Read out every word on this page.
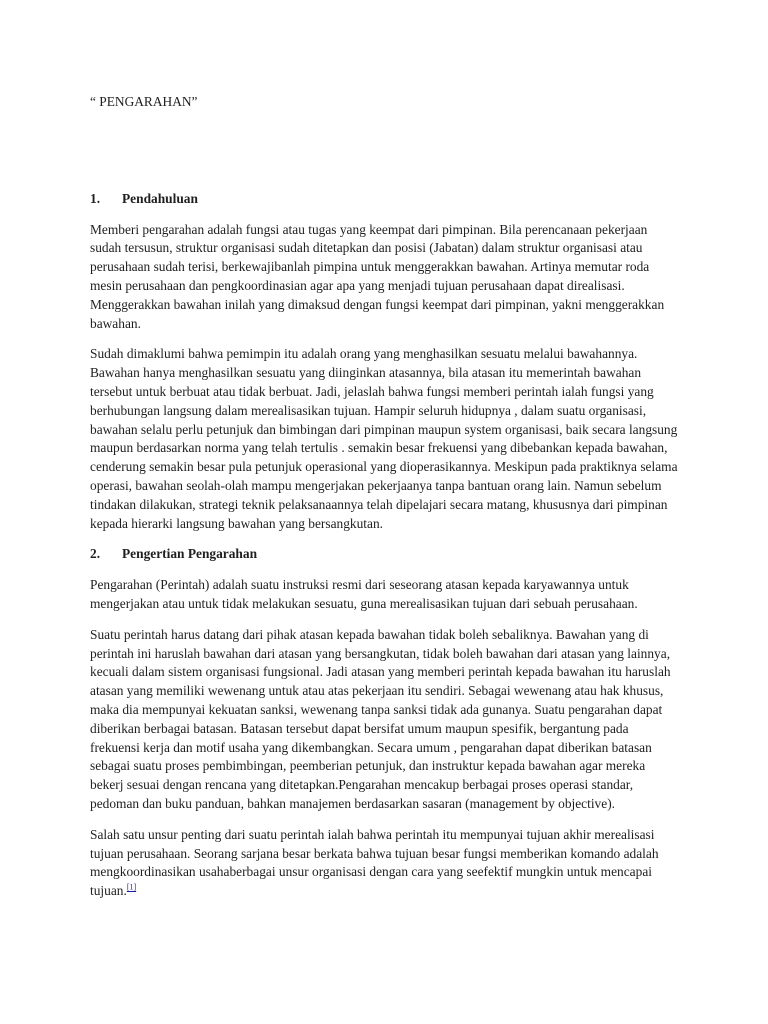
“ PENGARAHAN”

1.	Pendahuluan

Memberi pengarahan adalah fungsi atau tugas yang keempat dari pimpinan. Bila perencanaan pekerjaan sudah tersusun, struktur organisasi sudah ditetapkan dan posisi (Jabatan) dalam struktur organisasi atau perusahaan sudah terisi, berkewajibanlah pimpina untuk menggerakkan bawahan. Artinya memutar roda mesin perusahaan dan pengkoordinasian agar apa yang menjadi tujuan perusahaan dapat direalisasi. Menggerakkan bawahan inilah yang dimaksud dengan fungsi keempat dari pimpinan, yakni menggerakkan bawahan.

Sudah dimaklumi bahwa pemimpin itu adalah orang yang menghasilkan sesuatu melalui bawahannya. Bawahan hanya menghasilkan sesuatu yang diinginkan atasannya, bila atasan itu memerintah bawahan tersebut untuk berbuat atau tidak berbuat. Jadi, jelaslah bahwa fungsi memberi perintah ialah fungsi yang berhubungan langsung dalam merealisasikan tujuan. Hampir seluruh hidupnya , dalam suatu organisasi, bawahan selalu perlu petunjuk dan bimbingan dari pimpinan maupun system organisasi, baik secara langsung maupun berdasarkan norma yang telah tertulis . semakin besar frekuensi yang dibebankan kepada bawahan, cenderung semakin besar pula petunjuk operasional yang dioperasikannya. Meskipun pada praktiknya selama operasi, bawahan seolah-olah mampu mengerjakan pekerjaanya tanpa bantuan orang lain. Namun sebelum tindakan dilakukan, strategi teknik pelaksanaannya telah dipelajari secara matang, khususnya dari pimpinan kepada hierarki langsung bawahan yang bersangkutan.

2.	Pengertian Pengarahan

Pengarahan (Perintah) adalah suatu instruksi resmi dari seseorang atasan kepada karyawannya untuk mengerjakan atau untuk tidak melakukan sesuatu, guna merealisasikan tujuan dari sebuah perusahaan.

Suatu perintah harus datang dari pihak atasan kepada bawahan tidak boleh sebaliknya. Bawahan yang di perintah ini haruslah bawahan dari atasan yang bersangkutan, tidak boleh bawahan dari atasan yang lainnya, kecuali dalam sistem organisasi fungsional. Jadi atasan yang memberi perintah kepada bawahan itu haruslah atasan yang memiliki wewenang untuk atau atas pekerjaan itu sendiri. Sebagai wewenang atau hak khusus, maka dia mempunyai kekuatan sanksi, wewenang tanpa sanksi tidak ada gunanya. Suatu pengarahan dapat diberikan berbagai batasan. Batasan tersebut dapat bersifat umum maupun spesifik, bergantung pada frekuensi kerja dan motif usaha yang dikembangkan. Secara umum , pengarahan dapat diberikan batasan sebagai suatu proses pembimbingan, peemberian petunjuk, dan instruktur kepada bawahan agar mereka bekerj sesuai dengan rencana yang ditetapkan.Pengarahan mencakup berbagai proses operasi standar, pedoman dan buku panduan, bahkan manajemen berdasarkan sasaran (management by objective).

Salah satu unsur penting dari suatu perintah ialah bahwa perintah itu mempunyai tujuan akhir merealisasi tujuan perusahaan. Seorang sarjana besar berkata bahwa tujuan besar fungsi memberikan komando adalah mengkoordinasikan usahaberbagai unsur organisasi dengan cara yang seefektif mungkin untuk mencapai tujuan.[1]
